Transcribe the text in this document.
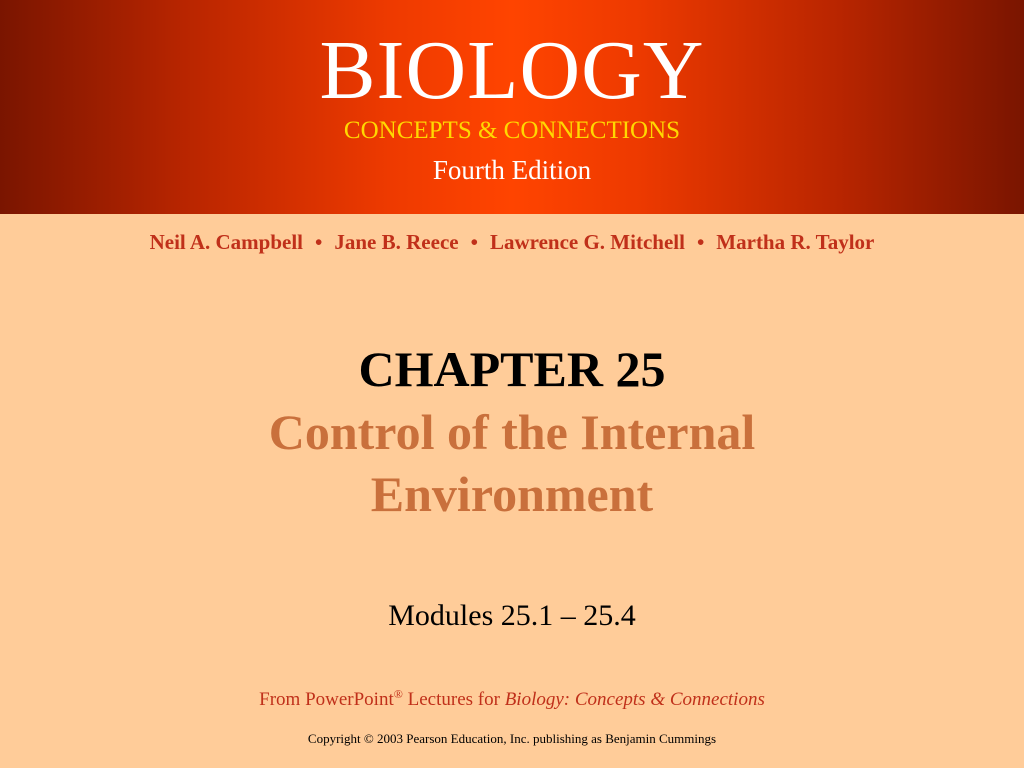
BIOLOGY
CONCEPTS & CONNECTIONS
Fourth Edition
Neil A. Campbell • Jane B. Reece • Lawrence G. Mitchell • Martha R. Taylor
CHAPTER 25
Control of the Internal
Environment
Modules 25.1 – 25.4
From PowerPoint® Lectures for Biology: Concepts & Connections
Copyright © 2003 Pearson Education, Inc. publishing as Benjamin Cummings
